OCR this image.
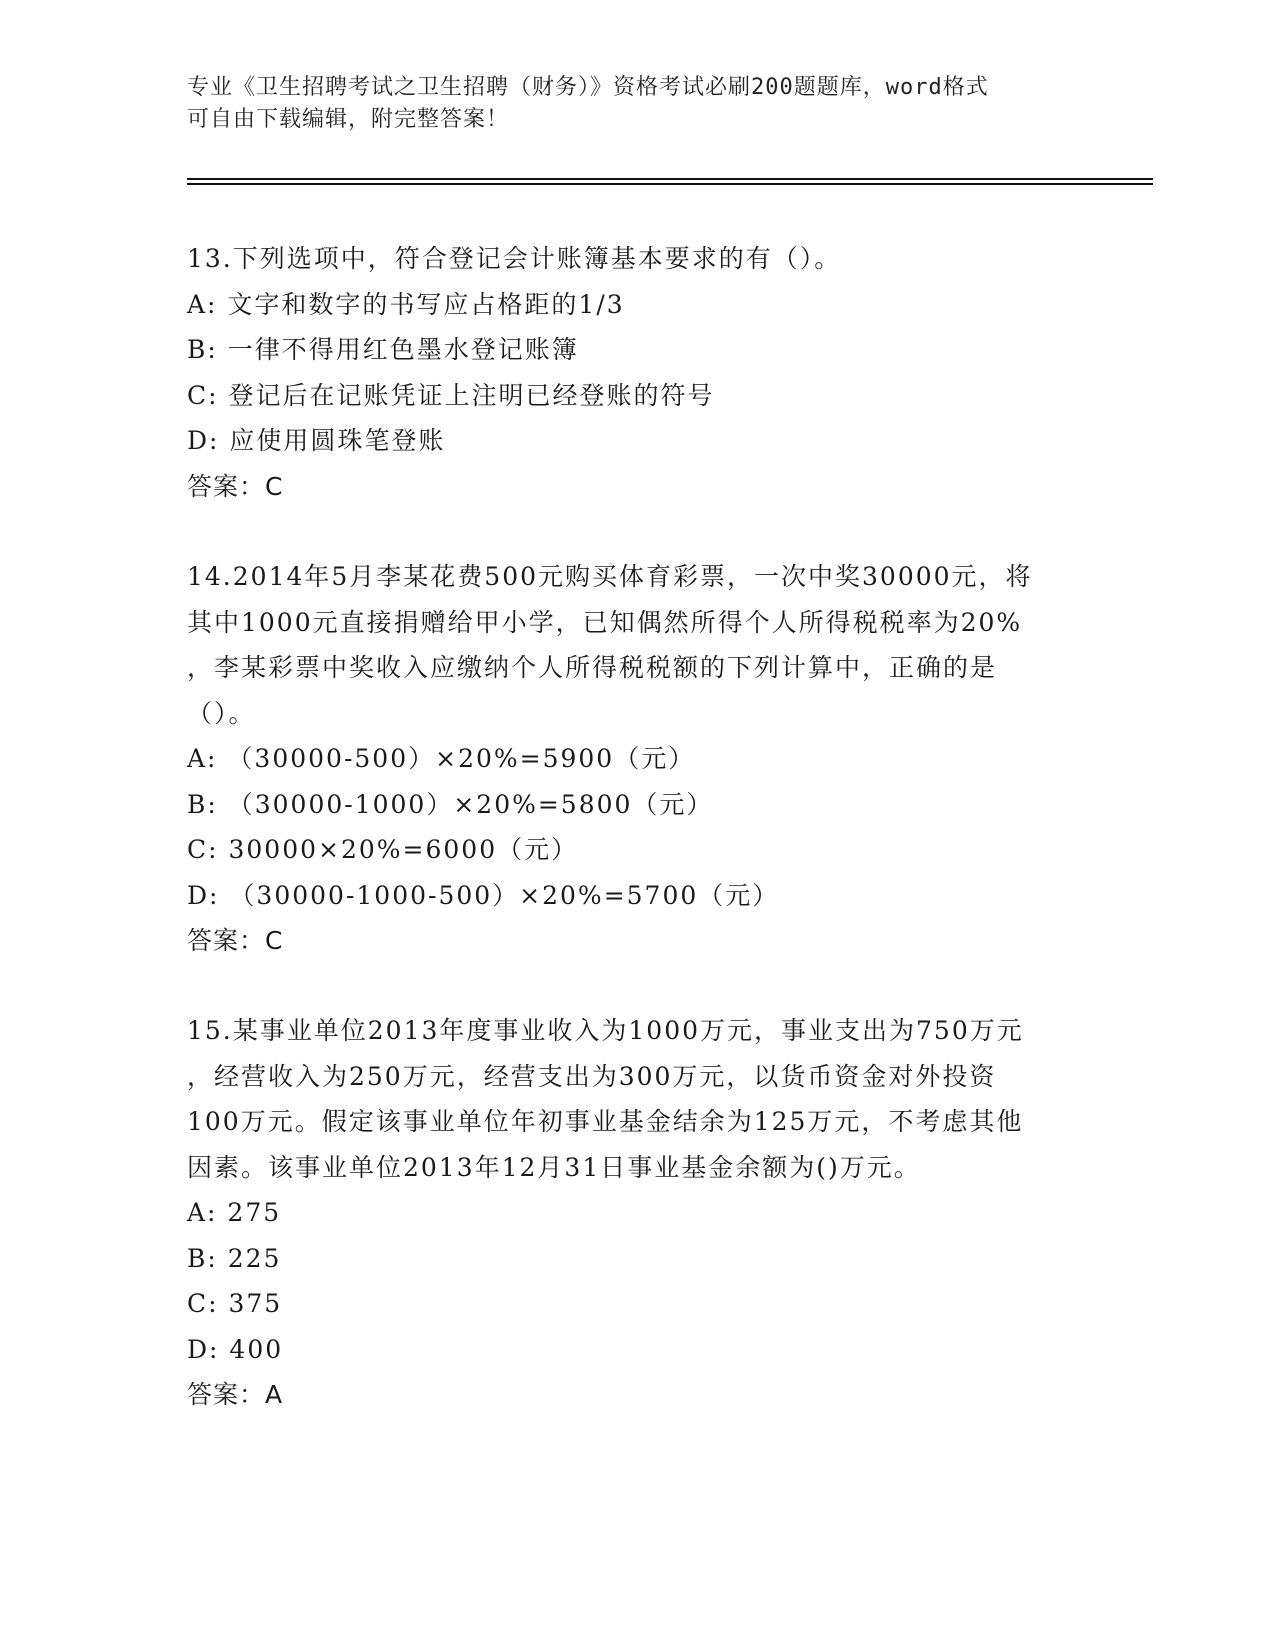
专业《卫生招聘考试之卫生招聘（财务）》资格考试必刷200题题库，word格式
可自由下载编辑，附完整答案！
13.下列选项中，符合登记会计账簿基本要求的有（）。
A: 文字和数字的书写应占格距的1/3
B: 一律不得用红色墨水登记账簿
C: 登记后在记账凭证上注明已经登账的符号
D: 应使用圆珠笔登账
答案：C
14.2014年5月李某花费500元购买体育彩票，一次中奖30000元，将
其中1000元直接捐赠给甲小学，已知偶然所得个人所得税税率为20%
，李某彩票中奖收入应缴纳个人所得税税额的下列计算中，正确的是
（）。
A: （30000-500）×20%=5900（元）
B: （30000-1000）×20%=5800（元）
C: 30000×20%=6000（元）
D: （30000-1000-500）×20%=5700（元）
答案：C
15.某事业单位2013年度事业收入为1000万元，事业支出为750万元
，经营收入为250万元，经营支出为300万元，以货币资金对外投资
100万元。假定该事业单位年初事业基金结余为125万元，不考虑其他
因素。该事业单位2013年12月31日事业基金余额为()万元。
A: 275
B: 225
C: 375
D: 400
答案：A
